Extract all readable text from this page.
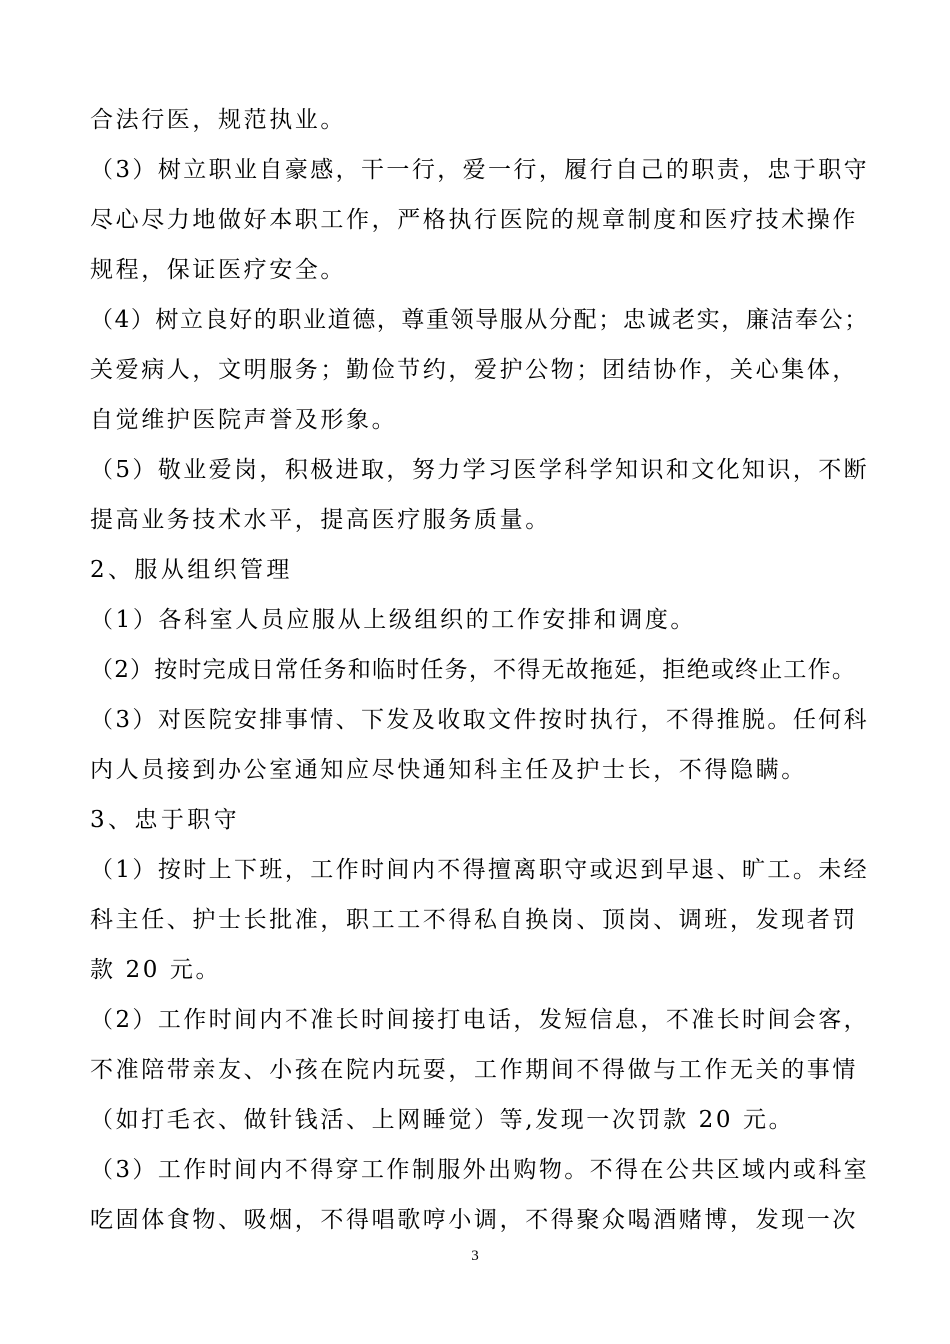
合法行医，规范执业。
（3）树立职业自豪感，干一行，爱一行，履行自己的职责，忠于职守
尽心尽力地做好本职工作，严格执行医院的规章制度和医疗技术操作
规程，保证医疗安全。
（4）树立良好的职业道德，尊重领导服从分配；忠诚老实，廉洁奉公；
关爱病人，文明服务；勤俭节约，爱护公物；团结协作，关心集体，
自觉维护医院声誉及形象。
（5）敬业爱岗，积极进取，努力学习医学科学知识和文化知识，不断
提高业务技术水平，提高医疗服务质量。
2、服从组织管理
（1）各科室人员应服从上级组织的工作安排和调度。
（2）按时完成日常任务和临时任务，不得无故拖延，拒绝或终止工作。
（3）对医院安排事情、下发及收取文件按时执行，不得推脱。任何科
内人员接到办公室通知应尽快通知科主任及护士长，不得隐瞒。
3、忠于职守
（1）按时上下班，工作时间内不得擅离职守或迟到早退、旷工。未经
科主任、护士长批准，职工工不得私自换岗、顶岗、调班，发现者罚
款 20 元。
（2）工作时间内不准长时间接打电话，发短信息，不准长时间会客，
不准陪带亲友、小孩在院内玩耍，工作期间不得做与工作无关的事情
（如打毛衣、做针钱活、上网睡觉）等,发现一次罚款 20 元。
（3）工作时间内不得穿工作制服外出购物。不得在公共区域内或科室
吃固体食物、吸烟，不得唱歌哼小调，不得聚众喝酒赌博，发现一次
3
